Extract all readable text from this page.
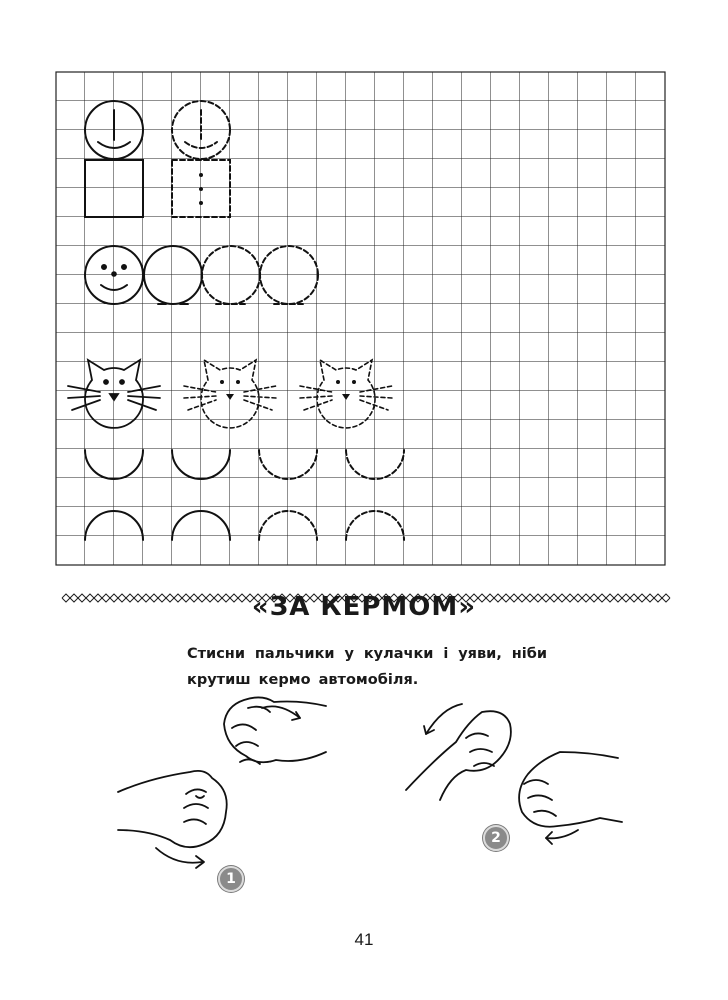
«ЗА КЕРМОМ»
Стисни пальчики у кулачки і уяви, ніби крутиш кермо автомобіля.
1
2
41
